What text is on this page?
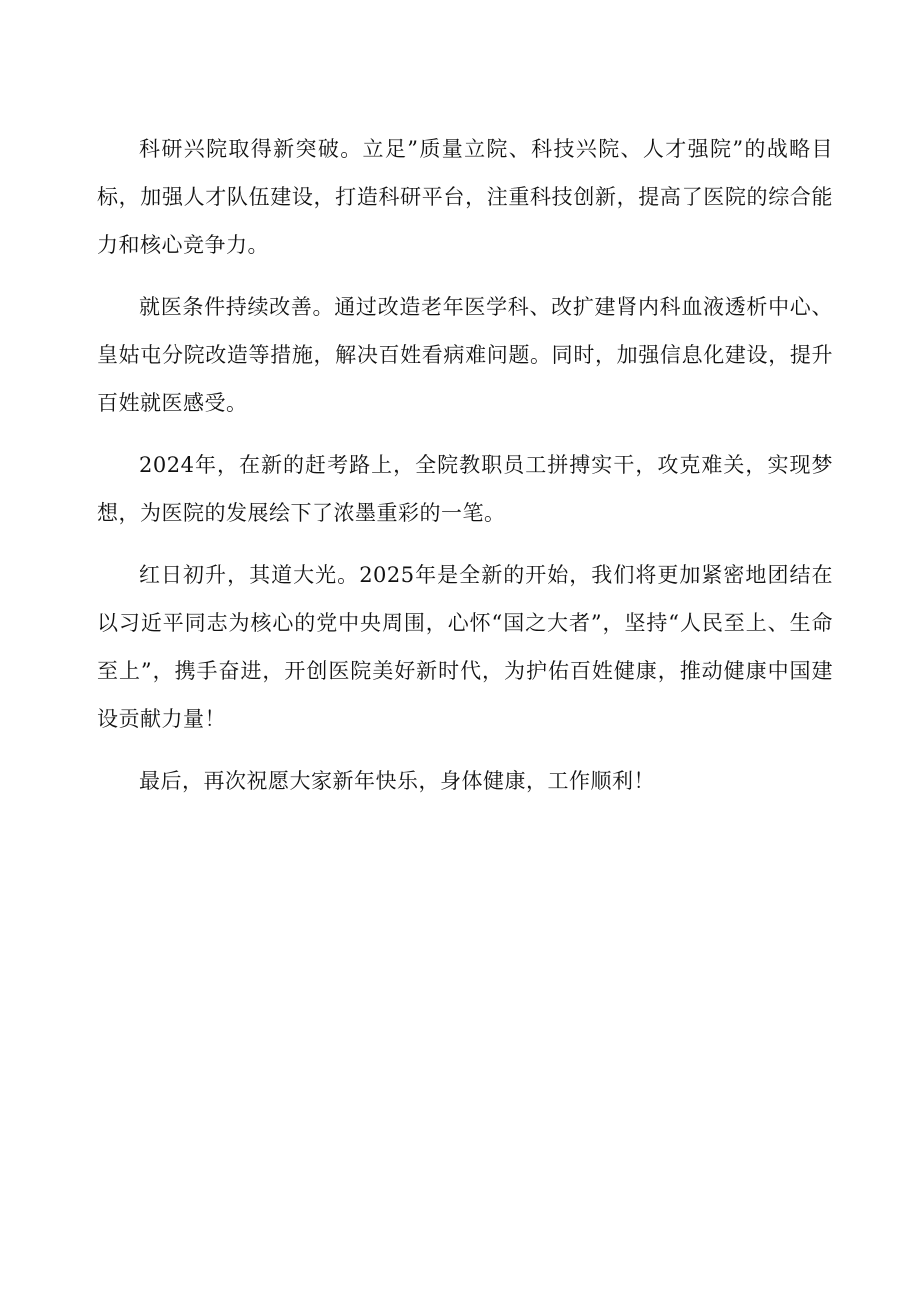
科研兴院取得新突破。立足”质量立院、科技兴院、人才强院”的战略目标，加强人才队伍建设，打造科研平台，注重科技创新，提高了医院的综合能力和核心竞争力。

就医条件持续改善。通过改造老年医学科、改扩建肾内科血液透析中心、皇姑屯分院改造等措施，解决百姓看病难问题。同时，加强信息化建设，提升百姓就医感受。

2024年，在新的赶考路上，全院教职员工拼搏实干，攻克难关，实现梦想，为医院的发展绘下了浓墨重彩的一笔。

红日初升，其道大光。2025年是全新的开始，我们将更加紧密地团结在以习近平同志为核心的党中央周围，心怀“国之大者”，坚持“人民至上、生命至上”，携手奋进，开创医院美好新时代，为护佑百姓健康，推动健康中国建设贡献力量！

最后，再次祝愿大家新年快乐，身体健康，工作顺利！
